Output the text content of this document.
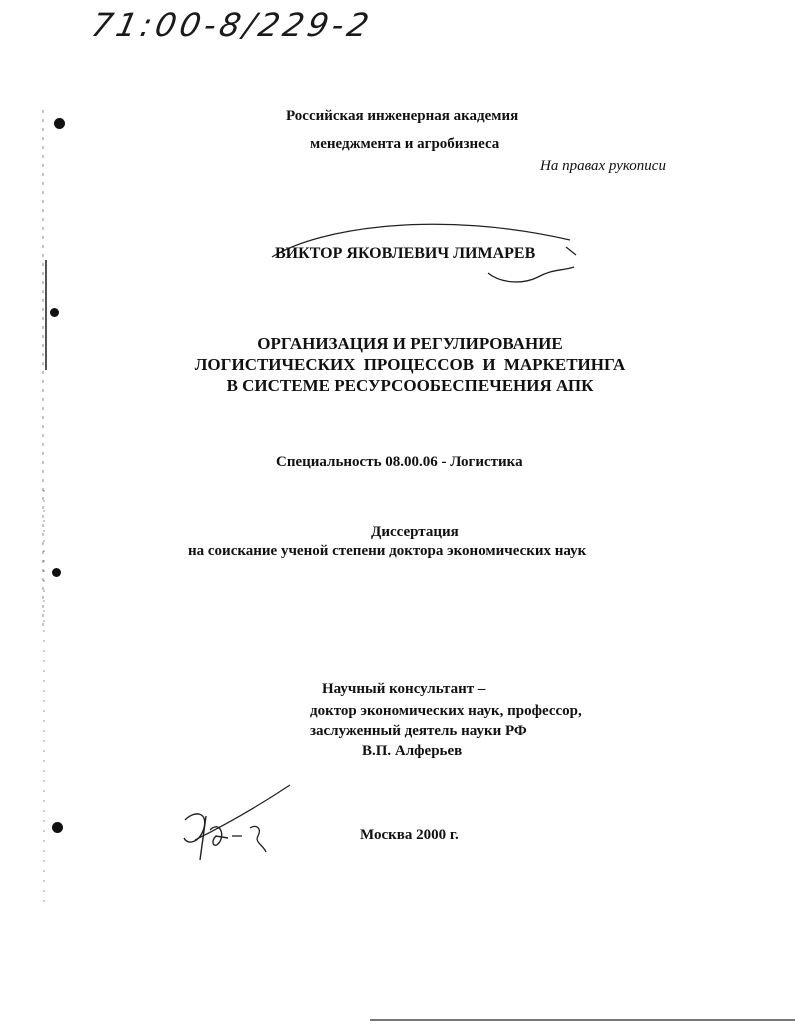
71:00-8/229-2
Российская инженерная академия
менеджмента и агробизнеса
На правах рукописи
ВИКТОР ЯКОВЛЕВИЧ ЛИМАРЕВ
ОРГАНИЗАЦИЯ И РЕГУЛИРОВАНИЕ
ЛОГИСТИЧЕСКИХ ПРОЦЕССОВ И МАРКЕТИНГА
В СИСТЕМЕ РЕСУРСООБЕСПЕЧЕНИЯ АПК
Специальность 08.00.06 - Логистика
Диссертация
на соискание ученой степени доктора экономических наук
Научный консультант –
доктор экономических наук, профессор,
заслуженный деятель науки РФ
В.П. Алферьев
Москва 2000 г.
